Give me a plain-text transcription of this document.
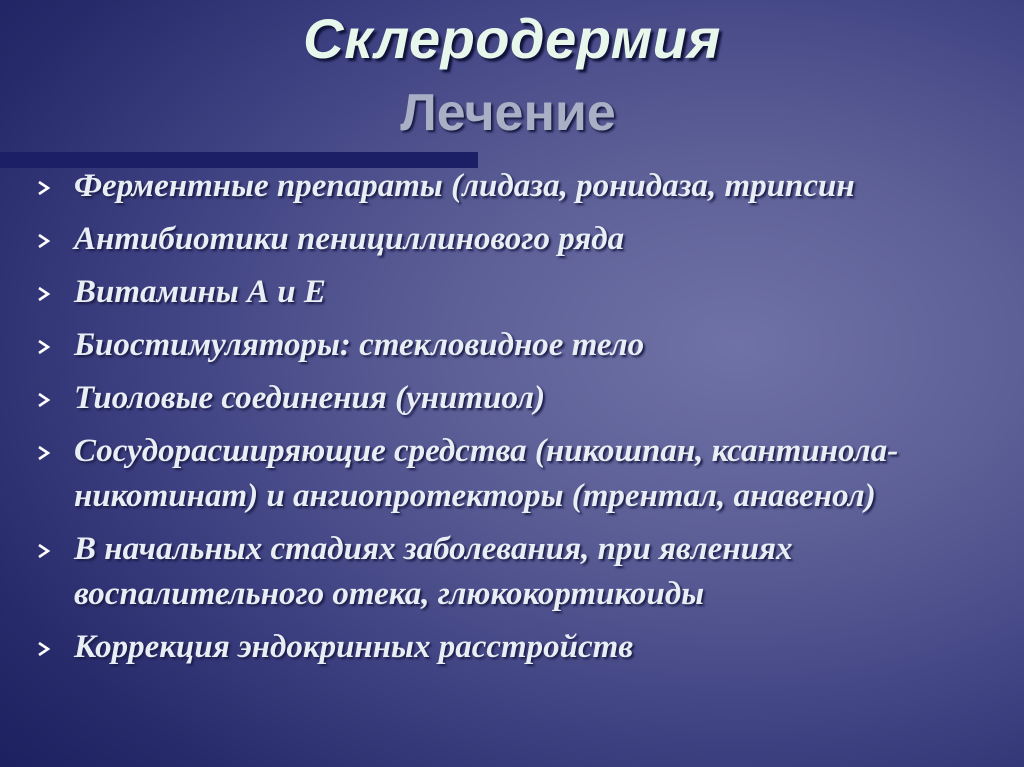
Склеродермия
Лечение
Ферментные препараты (лидаза, ронидаза, трипсин
Антибиотики пенициллинового ряда
Витамины А и Е
Биостимуляторы: стекловидное тело
Тиоловые соединения (унитиол)
Сосудорасширяющие средства (никошпан, ксантинола-никотинат) и ангиопротекторы (трентал, анавенол)
В начальных стадиях заболевания, при явлениях воспалительного отека, глюкокортикоиды
Коррекция эндокринных расстройств
